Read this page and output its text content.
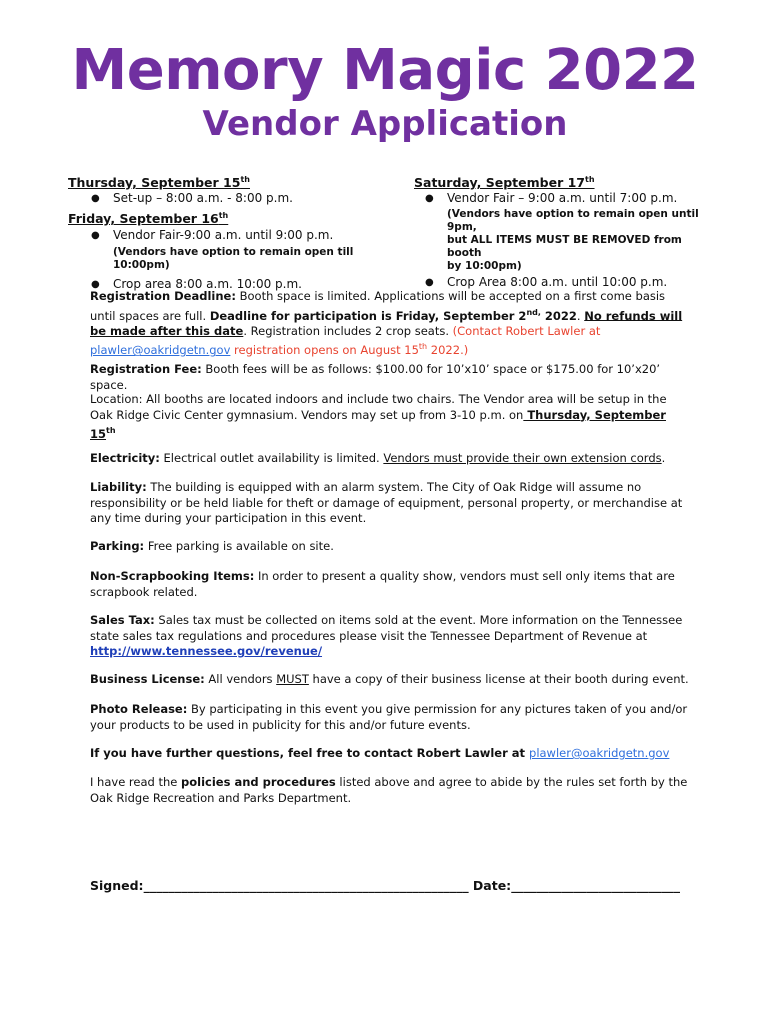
Memory Magic 2022
Vendor Application
Thursday, September 15th
● Set-up – 8:00 a.m. - 8:00 p.m.
Friday, September 16th
● Vendor Fair-9:00 a.m. until 9:00 p.m.
(Vendors have option to remain open till 10:00pm)
● Crop area 8:00 a.m. 10:00 p.m.
Saturday, September 17th
● Vendor Fair – 9:00 a.m. until 7:00 p.m.
(Vendors have option to remain open until 9pm,
but ALL ITEMS MUST BE REMOVED from booth
by 10:00pm)
● Crop Area 8:00 a.m. until 10:00 p.m.
Registration Deadline: Booth space is limited. Applications will be accepted on a first come basis until spaces are full. Deadline for participation is Friday, September $2^{nd,}$ 2022. No refunds will be made after this date. Registration includes 2 crop seats. (Contact Robert Lawler at plawler@oakridgetn.gov registration opens on August 15th 2022.)
Registration Fee: Booth fees will be as follows: $100.00 for 10’x10’ space or $175.00 for 10’x20’ space.
Location: All booths are located indoors and include two chairs. The Vendor area will be setup in the Oak Ridge Civic Center gymnasium. Vendors may set up from 3-10 p.m. on Thursday, September 15th
Electricity: Electrical outlet availability is limited. Vendors must provide their own extension cords.
Liability: The building is equipped with an alarm system. The City of Oak Ridge will assume no responsibility or be held liable for theft or damage of equipment, personal property, or merchandise at any time during your participation in this event.
Parking: Free parking is available on site.
Non-Scrapbooking Items: In order to present a quality show, vendors must sell only items that are scrapbook related.
Sales Tax: Sales tax must be collected on items sold at the event. More information on the Tennessee state sales tax regulations and procedures please visit the Tennessee Department of Revenue at http://www.tennessee.gov/revenue/
Business License: All vendors MUST have a copy of their business license at their booth during event.
Photo Release: By participating in this event you give permission for any pictures taken of you and/or your products to be used in publicity for this and/or future events.
If you have further questions, feel free to contact Robert Lawler at plawler@oakridgetn.gov
I have read the policies and procedures listed above and agree to abide by the rules set forth by the Oak Ridge Recreation and Parks Department.
Signed:____________________________________________________ Date:___________________________
